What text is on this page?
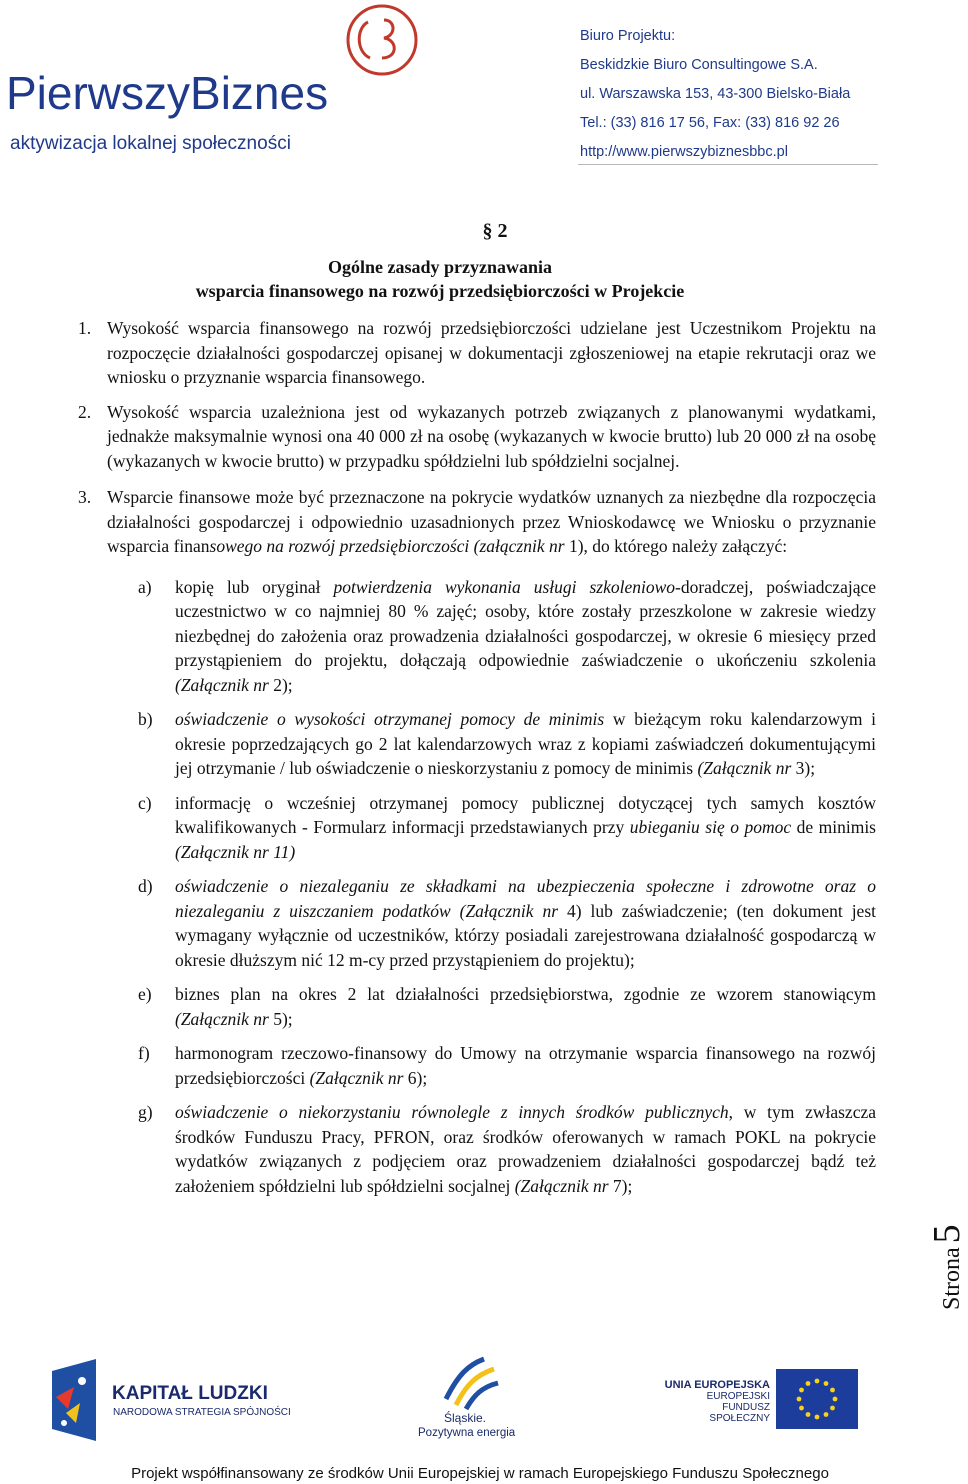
PierwszyBiznes
aktywizacja lokalnej społeczności
Biuro Projektu:
Beskidzkie Biuro Consultingowe S.A.
ul. Warszawska 153, 43-300 Bielsko-Biała
Tel.: (33) 816 17 56, Fax: (33) 816 92 26
http://www.pierwszybiznesbbc.pl
§ 2
Ogólne zasady przyznawania
wsparcia finansowego na rozwój przedsiębiorczości w Projekcie
1. Wysokość wsparcia finansowego na rozwój przedsiębiorczości udzielane jest Uczestnikom Projektu na rozpoczęcie działalności gospodarczej opisanej w dokumentacji zgłoszeniowej na etapie rekrutacji oraz we wniosku o przyznanie wsparcia finansowego.
2. Wysokość wsparcia uzależniona jest od wykazanych potrzeb związanych z planowanymi wydatkami, jednakże maksymalnie wynosi ona 40 000 zł na osobę (wykazanych w kwocie brutto) lub 20 000 zł na osobę (wykazanych w kwocie brutto) w przypadku spółdzielni lub spółdzielni socjalnej.
3. Wsparcie finansowe może być przeznaczone na pokrycie wydatków uznanych za niezbędne dla rozpoczęcia działalności gospodarczej i odpowiednio uzasadnionych przez Wnioskodawcę we Wniosku o przyznanie wsparcia finansowego na rozwój przedsiębiorczości (załącznik nr 1), do którego należy załączyć:
a) kopię lub oryginał potwierdzenia wykonania usługi szkoleniowo-doradczej, poświadczające uczestnictwo w co najmniej 80 % zajęć; osoby, które zostały przeszkolone w zakresie wiedzy niezbędnej do założenia oraz prowadzenia działalności gospodarczej, w okresie 6 miesięcy przed przystąpieniem do projektu, dołączają odpowiednie zaświadczenie o ukończeniu szkolenia (Załącznik nr 2);
b) oświadczenie o wysokości otrzymanej pomocy de minimis w bieżącym roku kalendarzowym i okresie poprzedzających go 2 lat kalendarzowych wraz z kopiami zaświadczeń dokumentującymi jej otrzymanie / lub oświadczenie o nieskorzystaniu z pomocy de minimis (Załącznik nr 3);
c) informację o wcześniej otrzymanej pomocy publicznej dotyczącej tych samych kosztów kwalifikowanych - Formularz informacji przedstawianych przy ubieganiu się o pomoc de minimis (Załącznik nr 11)
d) oświadczenie o niezaleganiu ze składkami na ubezpieczenia społeczne i zdrowotne oraz o niezaleganiu z uiszczaniem podatków (Załącznik nr 4) lub zaświadczenie; (ten dokument jest wymagany wyłącznie od uczestników, którzy posiadali zarejestrowana działalność gospodarczą w okresie dłuższym nić 12 m-cy przed przystąpieniem do projektu);
e) biznes plan na okres 2 lat działalności przedsiębiorstwa, zgodnie ze wzorem stanowiącym (Załącznik nr 5);
f) harmonogram rzeczowo-finansowy do Umowy na otrzymanie wsparcia finansowego na rozwój przedsiębiorczości (Załącznik nr 6);
g) oświadczenie o niekorzystaniu równolegle z innych środków publicznych, w tym zwłaszcza środków Funduszu Pracy, PFRON, oraz środków oferowanych w ramach POKL na pokrycie wydatków związanych z podjęciem oraz prowadzeniem działalności gospodarczej bądź też założeniem spółdzielni lub spółdzielni socjalnej (Załącznik nr 7);
Strona 5
KAPITAŁ LUDZKI
NARODOWA STRATEGIA SPÓJNOŚCI	Śląskie.
Pozytywna energia
UNIA EUROPEJSKA
EUROPEJSKI
FUNDUSZ SPOŁECZNY
Projekt współfinansowany ze środków Unii Europejskiej w ramach Europejskiego Funduszu Społecznego
